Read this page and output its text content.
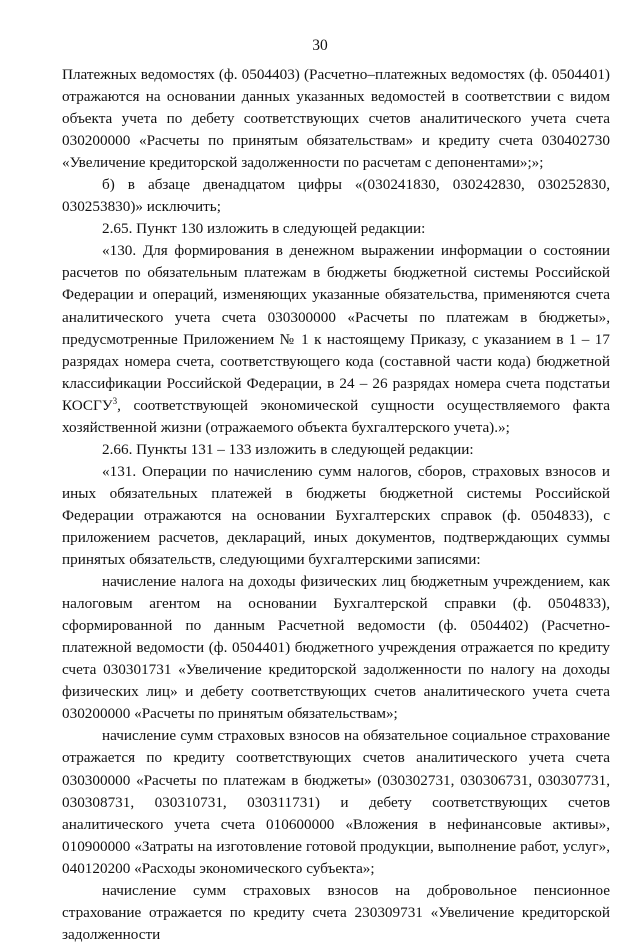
30

Платежных ведомостях (ф. 0504403) (Расчетно–платежных ведомостях (ф. 0504401) отражаются на основании данных указанных ведомостей в соответствии с видом объекта учета по дебету соответствующих счетов аналитического учета счета 030200000 «Расчеты по принятым обязательствам» и кредиту счета 030402730 «Увеличение кредиторской задолженности по расчетам с депонентами»;»;

б) в абзаце двенадцатом цифры «(030241830, 030242830, 030252830, 030253830)» исключить;

2.65. Пункт 130 изложить в следующей редакции:

«130. Для формирования в денежном выражении информации о состоянии расчетов по обязательным платежам в бюджеты бюджетной системы Российской Федерации и операций, изменяющих указанные обязательства, применяются счета аналитического учета счета 030300000 «Расчеты по платежам в бюджеты», предусмотренные Приложением № 1 к настоящему Приказу, с указанием в 1 – 17 разрядах номера счета, соответствующего кода (составной части кода) бюджетной классификации Российской Федерации, в 24 – 26 разрядах номера счета подстатьи КОСГУ$^3$, соответствующей экономической сущности осуществляемого факта хозяйственной жизни (отражаемого объекта бухгалтерского учета).»;

2.66. Пункты 131 – 133 изложить в следующей редакции:

«131. Операции по начислению сумм налогов, сборов, страховых взносов и иных обязательных платежей в бюджеты бюджетной системы Российской Федерации отражаются на основании Бухгалтерских справок (ф. 0504833), с приложением расчетов, деклараций, иных документов, подтверждающих суммы принятых обязательств, следующими бухгалтерскими записями:

начисление налога на доходы физических лиц бюджетным учреждением, как налоговым агентом на основании Бухгалтерской справки (ф. 0504833), сформированной по данным Расчетной ведомости (ф. 0504402) (Расчетно-платежной ведомости (ф. 0504401) бюджетного учреждения отражается по кредиту счета 030301731 «Увеличение кредиторской задолженности по налогу на доходы физических лиц» и дебету соответствующих счетов аналитического учета счета 030200000 «Расчеты по принятым обязательствам»;

начисление сумм страховых взносов на обязательное социальное страхование отражается по кредиту соответствующих счетов аналитического учета счета 030300000 «Расчеты по платежам в бюджеты» (030302731, 030306731, 030307731, 030308731, 030310731, 030311731) и дебету соответствующих счетов аналитического учета счета 010600000 «Вложения в нефинансовые активы», 010900000 «Затраты на изготовление готовой продукции, выполнение работ, услуг», 040120200 «Расходы экономического субъекта»;

начисление сумм страховых взносов на добровольное пенсионное страхование отражается по кредиту счета 230309731 «Увеличение кредиторской задолженности
